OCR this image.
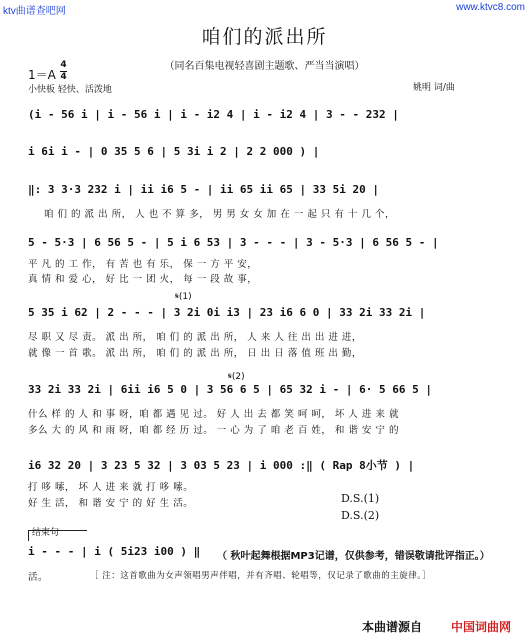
ktv曲谱查吧网	www.ktvc8.com
咱们的派出所
（同名百集电视轻喜剧主题歌、严当当演唱）
1＝A
4
4
小快板 轻快、活泼地	姚明 词/曲
(i - 56 i | i - 56 i | i - i2 4 | i - i2 4 | 3 - - 232 |
i 6i i - | 0 35 5 6 | 5 3i i 2 | 2 2 000 ) |
‖: 3 3·3 232 i | ii i6 5 - | ii 65 ii 65 | 33 5i 20 |
咱 们 的 派 出 所， 人 也 不 算 多， 男 男 女 女 加 在 一 起 只 有 十 几 个，
5 - 5·3 | 6 56 5 - | 5 i 6 53 | 3 - - - | 3 - 5·3 | 6 56 5 - |
平 凡 的 工 作， 有 苦 也 有 乐， 保 一 方 平 安，
真 情 和 爱 心， 好 比 一 团 火， 每 一 段 故 事，
𝄋(1)
5 35 i 62 | 2 - - - | 3 2i 0i i3 | 23 i6 6 0 | 33 2i 33 2i |
尽 职 又 尽 责。 派 出 所， 咱 们 的 派 出 所， 人 来 人 往 出 出 进 进，
就 像 一 首 歌。 派 出 所， 咱 们 的 派 出 所， 日 出 日 落 值 班 出 勤，
𝄋(2)
33 2i 33 2i | 6ii i6 5 0 | 3 56 6 5 | 65 32 i - | 6· 5 66 5 |
什么 样 的 人 和 事 呀，咱 都 遇 见 过。 好 人 出 去 都 笑 呵 呵， 坏 人 进 来 就
多么 大 的 风 和 雨 呀，咱 都 经 历 过。 一 心 为 了 咱 老 百 姓， 和 谐 安 宁 的
i6 32 20 | 3 23 5 32 | 3 03 5 23 | i 000 :‖ ( Rap 8小节 ) |
打 哆 嗦， 坏 人 进 来 就 打 哆 嗦。
好 生 活， 和 谐 安 宁 的 好 生 活。	D.S.(1)
D.S.(2)
结束句
i - - - | i ( 5i23 i00 ) ‖ （ 秋叶起舞根据MP3记谱，仅供参考，错误敬请批评指正。）
活。	［ 注：这首歌曲为女声领唱男声伴唱，并有齐唱、轮唱等，仅记录了歌曲的主旋律。］
本曲谱源自 中国词曲网
